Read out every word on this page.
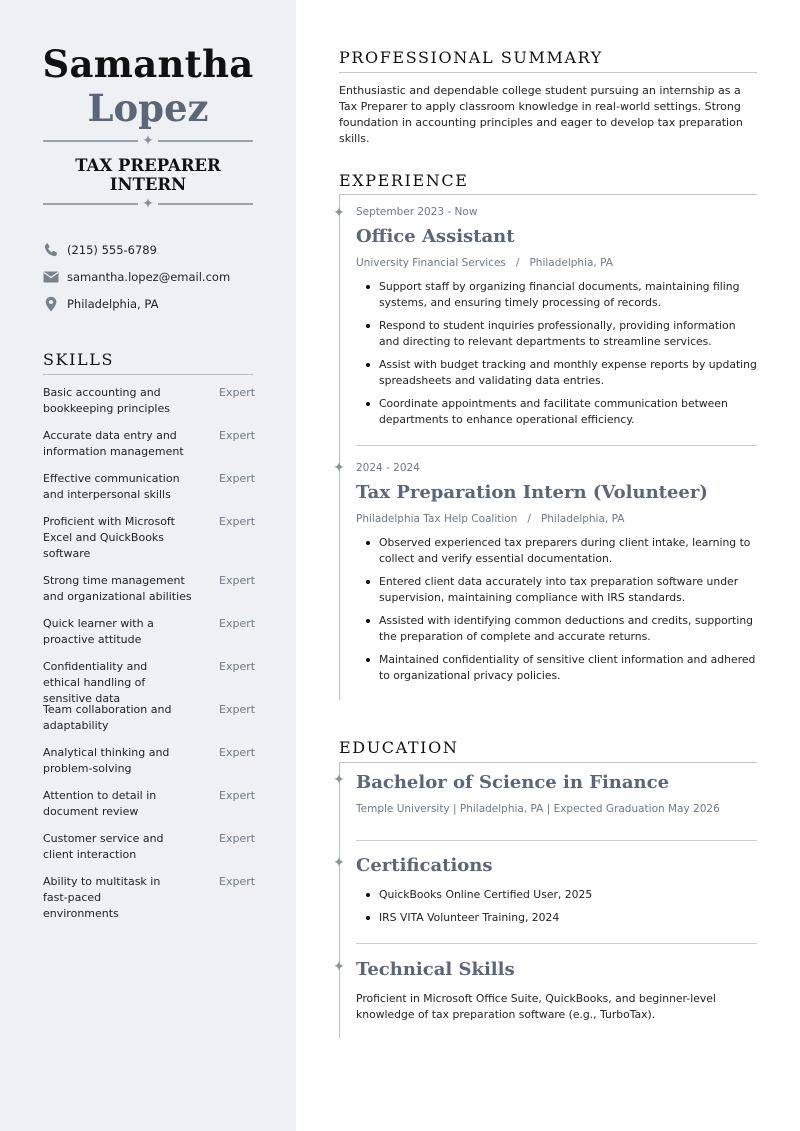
Samantha
Lopez
✦
TAX PREPARER
INTERN
✦
(215) 555-6789
samantha.lopez@email.com
Philadelphia, PA
SKILLS
Basic accounting and bookkeeping principles
Expert
Accurate data entry and information management
Expert
Effective communication and interpersonal skills
Expert
Proficient with Microsoft Excel and QuickBooks software
Expert
Strong time management and organizational abilities
Expert
Quick learner with a proactive attitude
Expert
Confidentiality and ethical handling of sensitive data
Expert
Team collaboration and adaptability
Expert
Analytical thinking and problem-solving
Expert
Attention to detail in document review
Expert
Customer service and client interaction
Expert
Ability to multitask in fast-paced environments
Expert
PROFESSIONAL SUMMARY
Enthusiastic and dependable college student pursuing an internship as a Tax Preparer to apply classroom knowledge in real-world settings. Strong foundation in accounting principles and eager to develop tax preparation skills.
EXPERIENCE
✦ September 2023 - Now
Office Assistant
University Financial Services   /   Philadelphia, PA
Support staff by organizing financial documents, maintaining filing systems, and ensuring timely processing of records.
Respond to student inquiries professionally, providing information and directing to relevant departments to streamline services.
Assist with budget tracking and monthly expense reports by updating spreadsheets and validating data entries.
Coordinate appointments and facilitate communication between departments to enhance operational efficiency.
✦ 2024 - 2024
Tax Preparation Intern (Volunteer)
Philadelphia Tax Help Coalition   /   Philadelphia, PA
Observed experienced tax preparers during client intake, learning to collect and verify essential documentation.
Entered client data accurately into tax preparation software under supervision, maintaining compliance with IRS standards.
Assisted with identifying common deductions and credits, supporting the preparation of complete and accurate returns.
Maintained confidentiality of sensitive client information and adhered to organizational privacy policies.
EDUCATION
✦ Bachelor of Science in Finance
Temple University | Philadelphia, PA | Expected Graduation May 2026
✦ Certifications
QuickBooks Online Certified User, 2025
IRS VITA Volunteer Training, 2024
✦ Technical Skills
Proficient in Microsoft Office Suite, QuickBooks, and beginner-level knowledge of tax preparation software (e.g., TurboTax).
